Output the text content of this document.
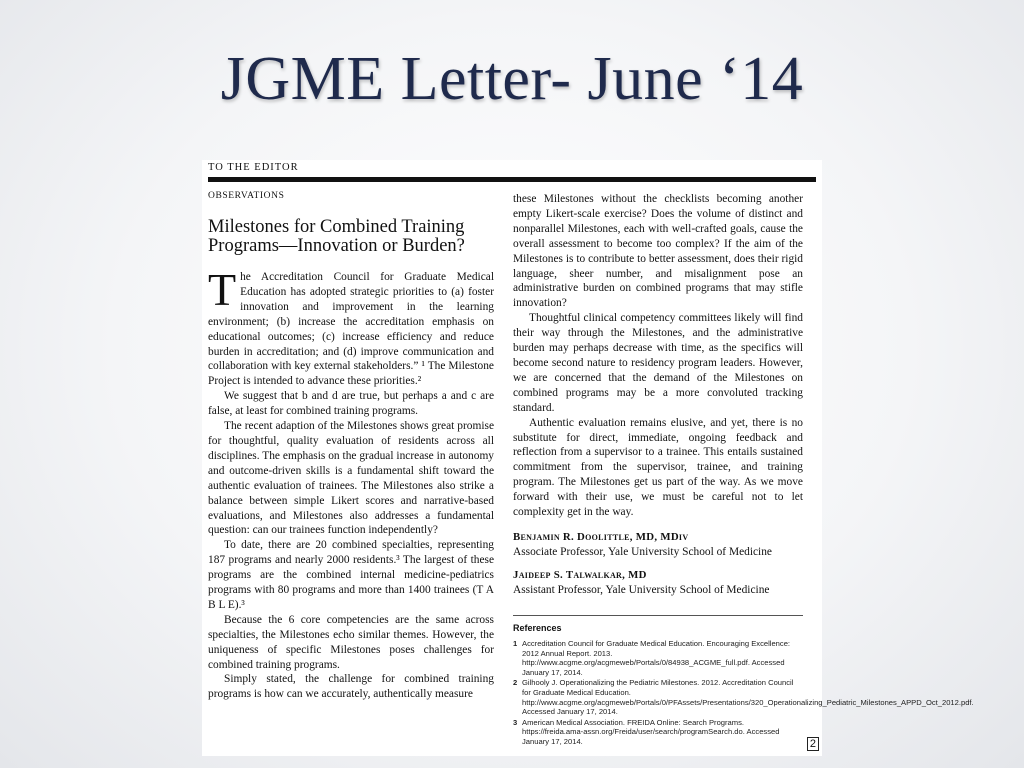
JGME Letter- June ‘14
TO THE EDITOR
OBSERVATIONS
Milestones for Combined Training Programs—Innovation or Burden?

The Accreditation Council for Graduate Medical Education has adopted strategic priorities to (a) foster innovation and improvement in the learning environment; (b) increase the accreditation emphasis on educational outcomes; (c) increase efficiency and reduce burden in accreditation; and (d) improve communication and collaboration with key external stakeholders.” ¹ The Milestone Project is intended to advance these priorities.²

We suggest that b and d are true, but perhaps a and c are false, at least for combined training programs.

The recent adaption of the Milestones shows great promise for thoughtful, quality evaluation of residents across all disciplines. The emphasis on the gradual increase in autonomy and outcome-driven skills is a fundamental shift toward the authentic evaluation of trainees. The Milestones also strike a balance between simple Likert scores and narrative-based evaluations, and Milestones also addresses a fundamental question: can our trainees function independently?

To date, there are 20 combined specialties, representing 187 programs and nearly 2000 residents.³ The largest of these programs are the combined internal medicine-pediatrics programs with 80 programs and more than 1400 trainees (T A B L E).³

Because the 6 core competencies are the same across specialties, the Milestones echo similar themes. However, the uniqueness of specific Milestones poses challenges for combined training programs.

Simply stated, the challenge for combined training programs is how can we accurately, authentically measure

these Milestones without the checklists becoming another empty Likert-scale exercise? Does the volume of distinct and nonparallel Milestones, each with well-crafted goals, cause the overall assessment to become too complex? If the aim of the Milestones is to contribute to better assessment, does their rigid language, sheer number, and misalignment pose an administrative burden on combined programs that may stifle innovation?

Thoughtful clinical competency committees likely will find their way through the Milestones, and the administrative burden may perhaps decrease with time, as the specifics will become second nature to residency program leaders. However, we are concerned that the demand of the Milestones on combined programs may be a more convoluted tracking standard.

Authentic evaluation remains elusive, and yet, there is no substitute for direct, immediate, ongoing feedback and reflection from a supervisor to a trainee. This entails sustained commitment from the supervisor, trainee, and training program. The Milestones get us part of the way. As we move forward with their use, we must be careful not to let complexity get in the way.

Benjamin R. Doolittle, MD, MDiv
Associate Professor, Yale University School of Medicine
Jaideep S. Talwalkar, MD
Assistant Professor, Yale University School of Medicine
References
1 Accreditation Council for Graduate Medical Education. Encouraging Excellence: 2012 Annual Report. 2013. http://www.acgme.org/acgmeweb/Portals/0/84938_ACGME_full.pdf. Accessed January 17, 2014.
2 Gilhooly J. Operationalizing the Pediatric Milestones. 2012. Accreditation Council for Graduate Medical Education. http://www.acgme.org/acgmeweb/Portals/0/PFAssets/Presentations/320_Operationalizing_Pediatric_Milestones_APPD_Oct_2012.pdf. Accessed January 17, 2014.
3 American Medical Association. FREIDA Online: Search Programs. https://freida.ama-assn.org/Freida/user/search/programSearch.do. Accessed January 17, 2014.	2
